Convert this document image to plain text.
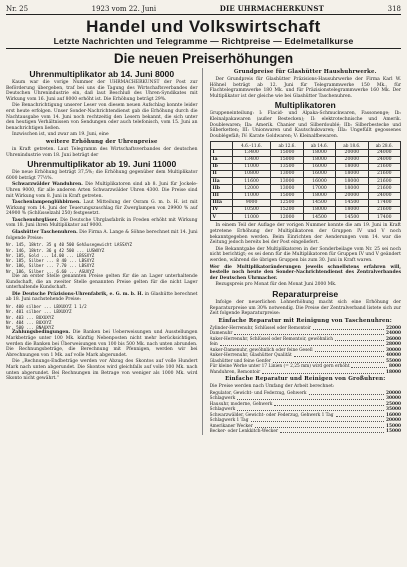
Nr. 25	1923 vom 22. Juni	DIE UHRMACHERKUNST	318
Handel und Volkswirtschaft
Letzte Nachrichten und Telegramme — Richtpreise — Edelmetallkurse
Die neuen Preiserhöhungen
Uhrenmultiplikator ab 14. Juni 8000

Kaum war die vorige Nummer der UHRMACHERKUNST der Post zur Beförderung übergeben, traf bei uns die Tagung des Wirtschaftsverbandes der Deutschen Uhrenindustrie ein, daß laut Beschluß des Uhren-Syndikates mit Wirkung vom 16. Juni auf 8000 erhöht ist. Die Erhöhung beträgt 29%.

Die Benachrichtigung unserer Leser von diesem neuen Aufschlag konnte leider erst heute erfolgen. Unser Sonder-Nachrichtendienst gab die Erhöhung durch die Nachtausgabe vom 14. Juni noch rechtzeitig den Lesern bekannt, die sich unter den heutigen Verhältnissen von Sendungen oder auch telefonisch, vom 15. Juni an benachrichtigen ließen.

Inzwischen ist, und zwar am 19. Juni, eine

weitere Erhöhung der Uhrenpreise

in Kraft getreten. Laut Telegramm des Wirtschaftsverbandes der deutschen Uhrenindustrie vom 18. Juni beträgt der

Uhrenmultiplikator ab 19. Juni 11000

Die neue Erhöhung beträgt 37,5%; die Erhöhung gegenüber dem Multiplikator 6000 beträgt 77½%.

Schwarzwälder Wanduhren. Die Multiplikatoren sind ab 8. Juni für Jockele-Uhren 9000, für alle anderen Arten Schwarzwälder Uhren 4300. Die Preise sind mit Wirkung vom 8. Juni in Kraft getreten.

Taschenlampenglühbirnen. Laut Mitteilung der Osram G. m. b. H. ist mit Wirkung vom 14. Juni der Teuerungszuschlag für Zwerglampen von 29900 % auf 24900 % (Schlüsselzahl 250) festgesetzt.

Taschenuhrgläser. Die Deutsche Uhrglasfabrik in Freden erhöht mit Wirkung vom 18. Juni ihren Multiplikator auf 9000.

Glashütter Taschenuhren. Die Firma A. Lange & Söhne berechnet mit 14. Juni folgende Preise:

Nr. 145, 18ktr. 35 g 40 500 Gehäusegewicht LASSXYZ
Nr. 146, 18ktr. 36 g 42 500 ... LUSWXYZ
Nr. 185, Gold ... 14.00 ... LBSSXYZ
Nr. 185, Silber ... 8 40 ... LBSXYZ
Nr. 186, Silber ... 7.70 ... LBSXYZ
Nr. 186, Silber ... 6.60 ... ASUXYZ

Die an erster Stelle genannten Preise gelten für die an Lager unterhaltende Kundschaft, die an zweiter Stelle genannten Preise gelten für die nicht Lager unterhaltende Kundschaft.

Die Deutsche Präzisions-Uhrenfabrik, e. G. m. b. H. in Glashütte berechnet ab 18. Juni nachstehende Preise:

Nr. 400 silber ... LBXUXYZ 1 1/2
Nr. 401 silber ... LBXUXYZ
Nr. 403 ... BUXUXYZ
Nr. 404 ... BUXXYZ
Nr. 500 ... BNAUXYZ

Zahlungsbedingungen. Die Banken bei Ueberweisungen und Ausstellungen Markbeträge unter 100 Mk. künftig Nebenposten nicht mehr berücksichtigen, werden die Banken bei Überweisungen von 100 bis 500 Mk. nach unten abrunden. Die Rechnungsbeträge, die Berechnung mit Pfennigen, werden wir bei Abrechnungen von 1 Mk. auf volle Mark abgerundet.

Die „Rechnungs-Endbeträge werden vor Abzug des Skontos auf volle Hundert Mark nach unten abgerundet. Die Skontos wird gleichfalls auf volle 100 Mk. nach unten abgerundet. Bei Rechnungen im Betrage von weniger als 1000 Mk. wird Skonto nicht gewährt.“

Grundpreise für Glashütter Haushuhrwerke.

Der Grundpreis für Glashütter Präzisions-Hausuhrwerke der Firma Karl W. Höhnel beträgt ab 12. Juni für Telegrammwerke 150 Mk., für Flachtelegrammwerke 180 Mk. und für Präzisionstelegrammwerke 160 Mk. Der Multiplikator ist der gleiche wie bei Glashütter Taschenuhren.

Multiplikatoren

Gruppeneinteilung: I: Flacid- und Alpaka-Schmuckwaren, Fassonenge; Ib: Kleinalpakawaren (außer Bestecken); II: elektrotechnische und Amerik. Doublewaren; IIa: Amerik. Chanier und Silberdoublé; IIb: Silberbestecke und Silberketten; III: Unionwaren und Kautschukwaren; IIIa: Ungefüllt gegossenes Doublégefäß; IV: Karate Goldwaren; V: Kleinalfbewaren.

	4.6.–11.6.	ab 12.6.	ab 14.6.	ab 18.6.	ab 28.6.
I	13400	15000	18000	20000	24000
Ia	13400	15000	18000	20000	24000
Ib	11000	13500	16000	18000	21600
II	10800	13000	16000	18000	21600
IIa	11600	13000	16000	18000	21600
IIb	12000	13000	17000	18000	21600
III	11000	15000	18000	20000	24000
IIIa	9000	12500	14500	14500	17400
IV	10500	15200	18000	18000	21600
V	11000	12000	14500	14500	17400

In einem Teil der Auflage der vorigen Nummer konnte die am 19. Juni in Kraft getretene Erhöhung der Multiplikatoren der Gruppen IV und V noch bekanntgegeben werden. Beim Einrichten der Aenderungen vom 14. war die Zeitung jedoch bereits bei der Post eingeliefert.

Die Bekanntgabe der Multiplikatoren in der Sonderbeilage vom Nr. 25 sei noch nicht berichtigt; es sei denn für die Multiplikatoren für Gruppen IV und V geändert werden, während die übrigen Gruppen bis zum 30. Juni in Kraft waren.

Wer die Multiplikatoränderungen jeweils schnellstens erfahren will, bestelle noch heute den Sonder-Nachrichtendienst des Zentralverbandes der Deutschen Uhrmacher.

Bezugspreis pro Monat für den Monat Juni 2000 Mk.

Reparaturpreise

Infolge der neuerlichen Lohnerhöhung macht sich eine Erhöhung der Reparaturpreise um 30% notwendig. Die Preise der Zentralverband listete sich zur Zeit folgende Reparaturpreise:

Einfache Reparatur mit Reinigung von Taschenuhren:
Zylinder-Herrenuhr, Schlüssel oder Remontoir	22000
Damenuhr	24000
Anker-Herrenuhr, Schlüssel oder Remontoir, gewöhnlich	26000
fein	28000
Anker-Damenuhr, gewöhnlich oder feine Gesell	30000
Anker-Herrenuhr, Glashütter Qualität	40000
Glashütter und feine Genfer	55000
Für kleine Werke unter 17 Linien (= 2,25 mm) wird gern erhöht	8000
Wanduhren, Remontoir	18000
Einfache Reparatur und Reinigen von Großuhren:

Die Preise werden nach Umfang der Arbeit berechnet:

Regulator, Gewicht- und Federzug, Gehwerk	20000
Schlagwerk	30000
Hausuhr, moderne, Gehwerk	25000
Schlagwerk	35000
Schwarzwälder, Gewicht- oder Federzug, Gehwerk 1 Tag	16000
Schlagwerk 1 Tag	20000
Amerikaner Wecker	15000
Becker- oder Lenkkitch-Wecker	15000
